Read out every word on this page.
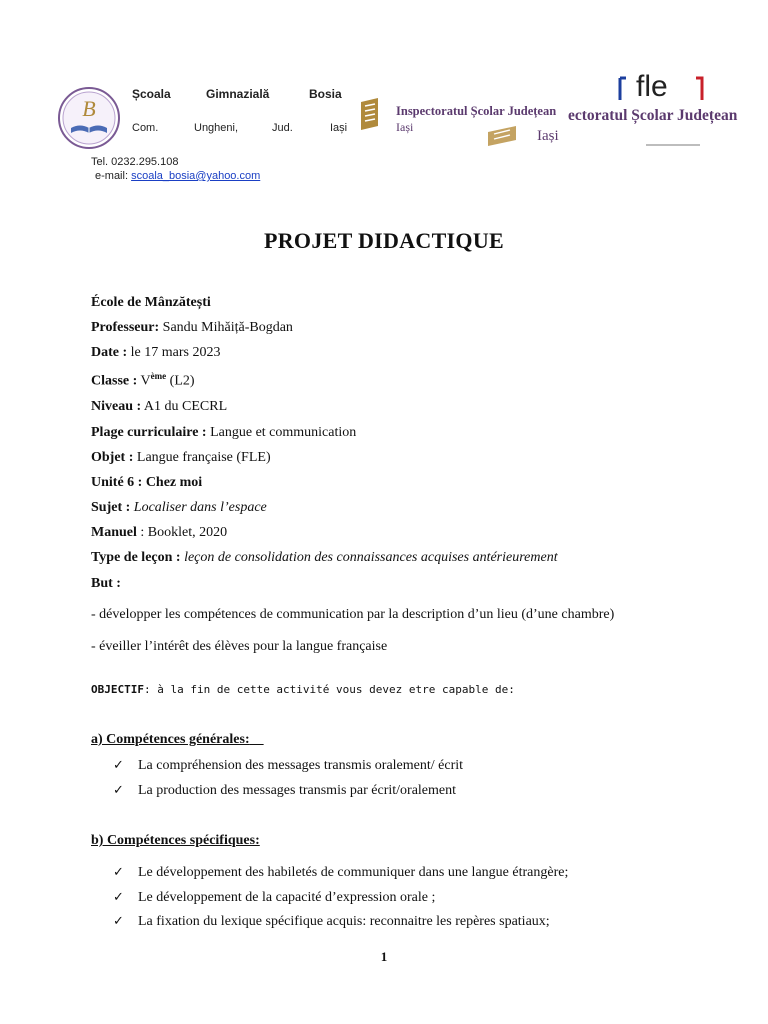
B
Școala	Gimnazială	Bosia
Com.	Ungheni,	Jud.	Iași
Tel. 0232.295.108
e-mail: scoala_bosia@yahoo.com
Inspectoratul Școlar Județean
Iași
ectoratul Școlar Județean
Iași
fle
PROJET DIDACTIQUE
École de Mânzătești
Professeur: Sandu Mihăiță-Bogdan
Date : le 17 mars 2023
Classe : Vème (L2)
Niveau : A1 du CECRL
Plage curriculaire : Langue et communication
Objet : Langue française (FLE)
Unité 6 : Chez moi
Sujet : Localiser dans l’espace
Manuel : Booklet, 2020
Type de leçon : leçon de consolidation des connaissances acquises antérieurement
But :
- développer les compétences de communication par la description d’un lieu (d’une chambre)
- éveiller l’intérêt des élèves pour la langue française
OBJECTIF: à la fin de cette activité vous devez etre capable de:
a) Compétences générales:
✓ La compréhension des messages transmis oralement/ écrit
✓ La production des messages transmis par écrit/oralement
b) Compétences spécifiques:
✓ Le développement des habiletés de communiquer dans une langue étrangère;
✓ Le développement de la capacité d’expression orale ;
✓ La fixation du lexique spécifique acquis: reconnaitre les repères spatiaux;
1
